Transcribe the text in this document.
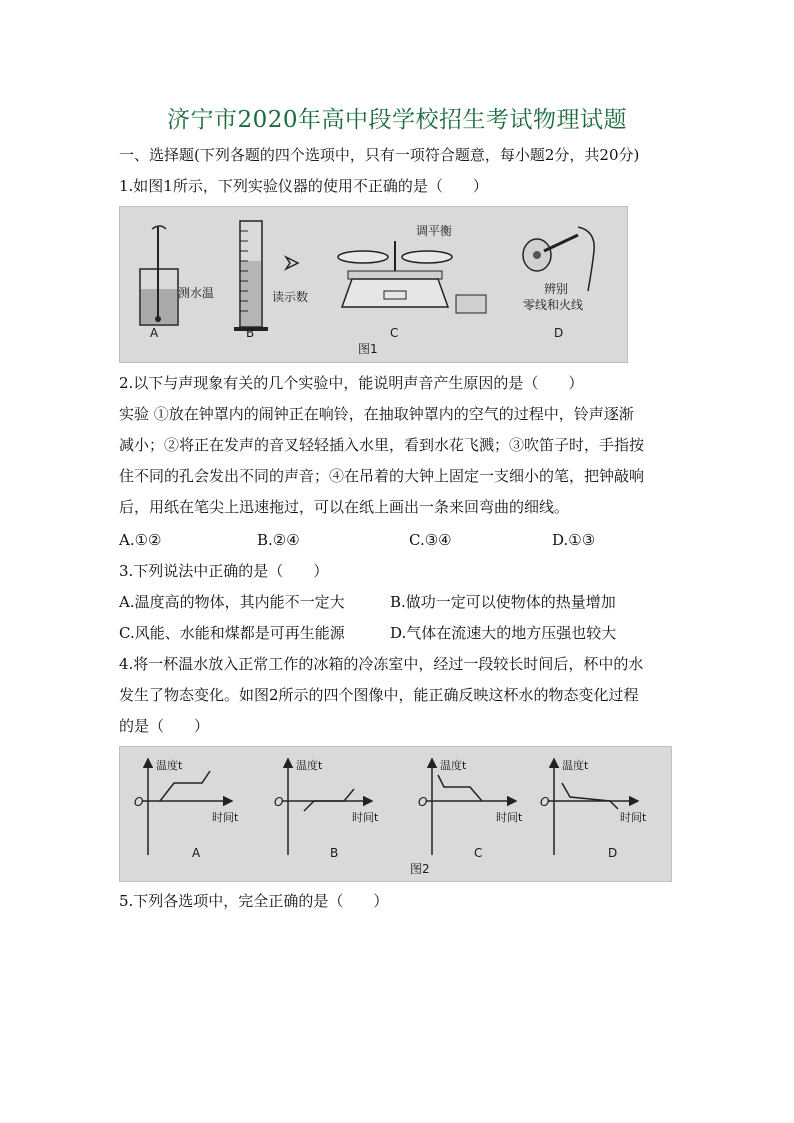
济宁市2020年高中段学校招生考试物理试题
一、选择题(下列各题的四个选项中，只有一项符合题意，每小题2分，共20分)
1.如图1所示，下列实验仪器的使用不正确的是（　　）
测水温
A
读示数
B
调平衡
C
辨别
零线和火线
D
图1
2.以下与声现象有关的几个实验中，能说明声音产生原因的是（　　）
实验 ①放在钟罩内的闹钟正在响铃，在抽取钟罩内的空气的过程中，铃声逐渐
减小；②将正在发声的音叉轻轻插入水里，看到水花飞溅；③吹笛子时，手指按
住不同的孔会发出不同的声音；④在吊着的大钟上固定一支细小的笔，把钟敲响
后，用纸在笔尖上迅速拖过，可以在纸上画出一条来回弯曲的细线。
A.①②	B.②④	C.③④	D.①③
3.下列说法中正确的是（　　）
A.温度高的物体，其内能不一定大	B.做功一定可以使物体的热量增加
C.风能、水能和煤都是可再生能源	D.气体在流速大的地方压强也较大
4.将一杯温水放入正常工作的冰箱的冷冻室中，经过一段较长时间后，杯中的水
发生了物态变化。如图2所示的四个图像中，能正确反映这杯水的物态变化过程
的是（　　）
温度t
O
时间t
A
温度t
O
时间t
B
温度t
O
时间t
C
温度t
O
时间t
D
图2
5.下列各选项中，完全正确的是（　　）
